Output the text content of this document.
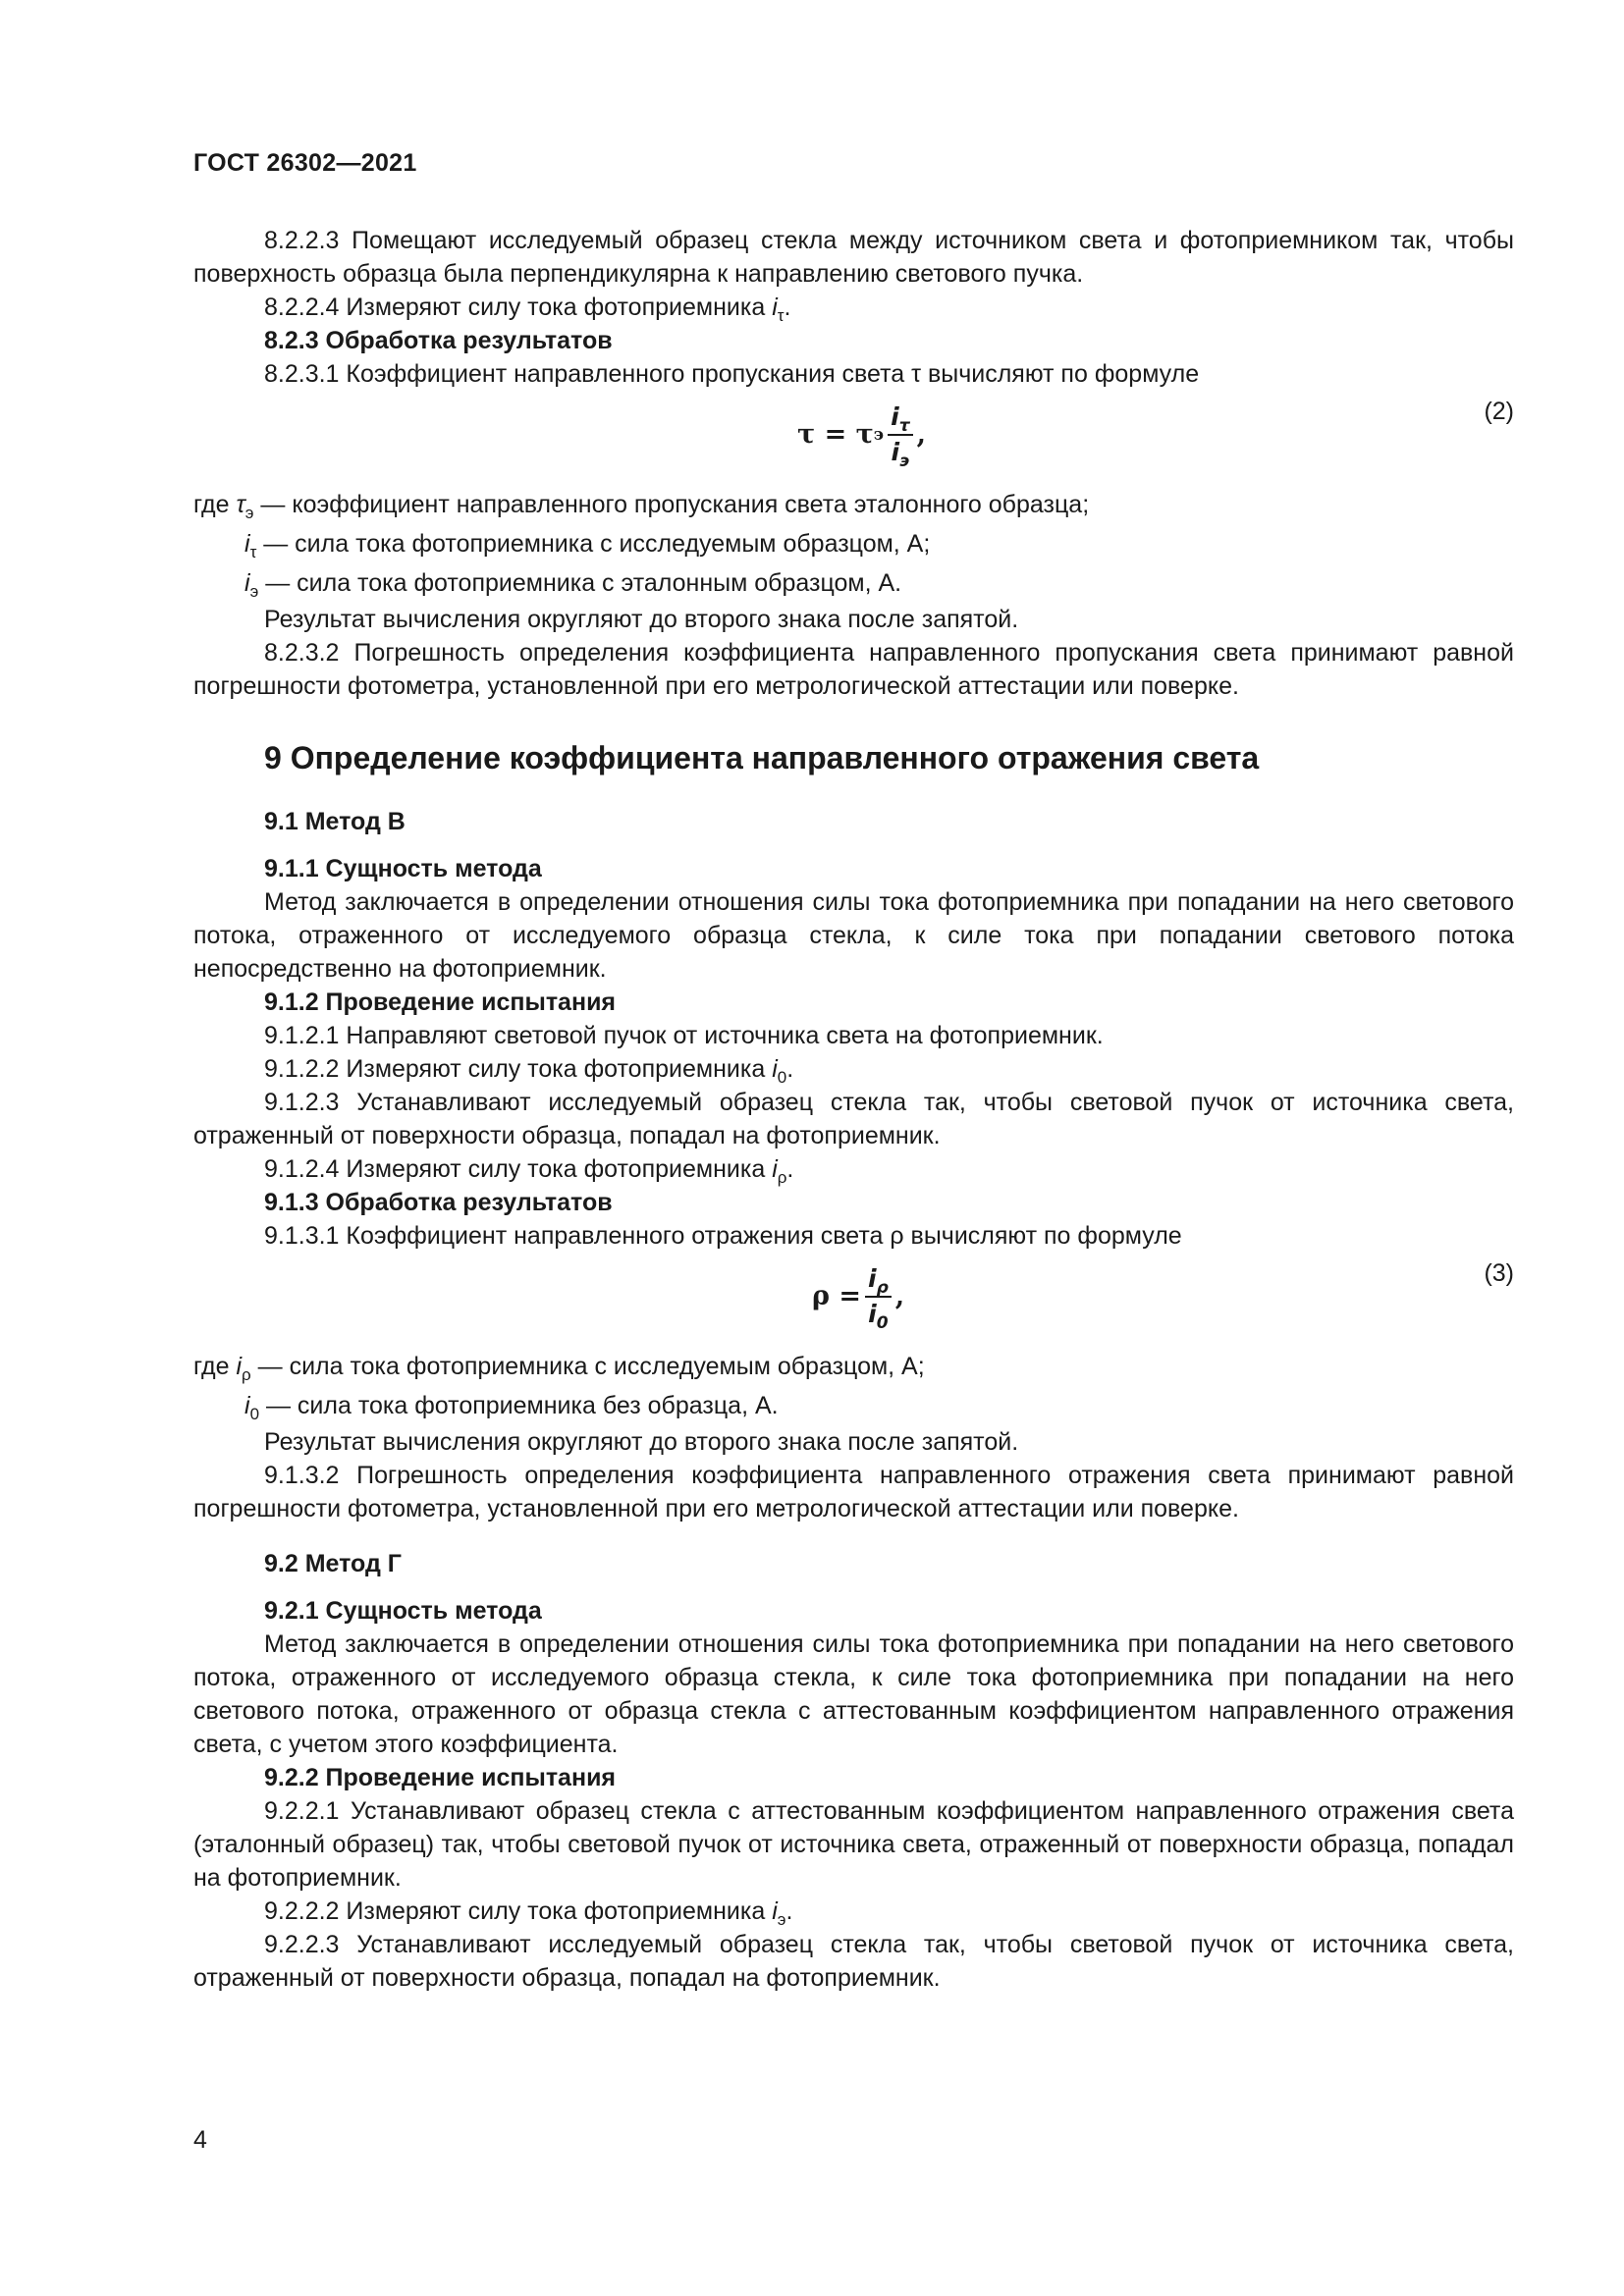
ГОСТ 26302—2021

8.2.2.3 Помещают исследуемый образец стекла между источником света и фотоприемником так, чтобы поверхность образца была перпендикулярна к направлению светового пучка.

8.2.2.4 Измеряют силу тока фотоприемника $i_\tau$.

8.2.3 Обработка результатов

8.2.3.1 Коэффициент направленного пропускания света τ вычисляют по формуле

τ = τ э $\frac{i_\tau}{i_э}$ ,
(2)

где $\tau_э$ — коэффициент направленного пропускания света эталонного образца;

$i_\tau$ — сила тока фотоприемника с исследуемым образцом, А;

$i_э$ — сила тока фотоприемника с эталонным образцом, А.

Результат вычисления округляют до второго знака после запятой.

8.2.3.2 Погрешность определения коэффициента направленного пропускания света принимают равной погрешности фотометра, установленной при его метрологической аттестации или поверке.

9 Определение коэффициента направленного отражения света

9.1 Метод В

9.1.1 Сущность метода

Метод заключается в определении отношения силы тока фотоприемника при попадании на него светового потока, отраженного от исследуемого образца стекла, к силе тока при попадании светового потока непосредственно на фотоприемник.

9.1.2 Проведение испытания

9.1.2.1 Направляют световой пучок от источника света на фотоприемник.

9.1.2.2 Измеряют силу тока фотоприемника $i_0$.

9.1.2.3 Устанавливают исследуемый образец стекла так, чтобы световой пучок от источника света, отраженный от поверхности образца, попадал на фотоприемник.

9.1.2.4 Измеряют силу тока фотоприемника $i_\rho$.

9.1.3 Обработка результатов

9.1.3.1 Коэффициент направленного отражения света ρ вычисляют по формуле

$\rho = \frac{i_\rho}{i_0}$ ,
(3)

где $i_\rho$ — сила тока фотоприемника с исследуемым образцом, А;

$i_0$ — сила тока фотоприемника без образца, А.

Результат вычисления округляют до второго знака после запятой.

9.1.3.2 Погрешность определения коэффициента направленного отражения света принимают равной погрешности фотометра, установленной при его метрологической аттестации или поверке.

9.2 Метод Г

9.2.1 Сущность метода

Метод заключается в определении отношения силы тока фотоприемника при попадании на него светового потока, отраженного от исследуемого образца стекла, к силе тока фотоприемника при попадании на него светового потока, отраженного от образца стекла с аттестованным коэффициентом направленного отражения света, с учетом этого коэффициента.

9.2.2 Проведение испытания

9.2.2.1 Устанавливают образец стекла с аттестованным коэффициентом направленного отражения света (эталонный образец) так, чтобы световой пучок от источника света, отраженный от поверхности образца, попадал на фотоприемник.

9.2.2.2 Измеряют силу тока фотоприемника $i_э$.

9.2.2.3 Устанавливают исследуемый образец стекла так, чтобы световой пучок от источника света, отраженный от поверхности образца, попадал на фотоприемник.

4
